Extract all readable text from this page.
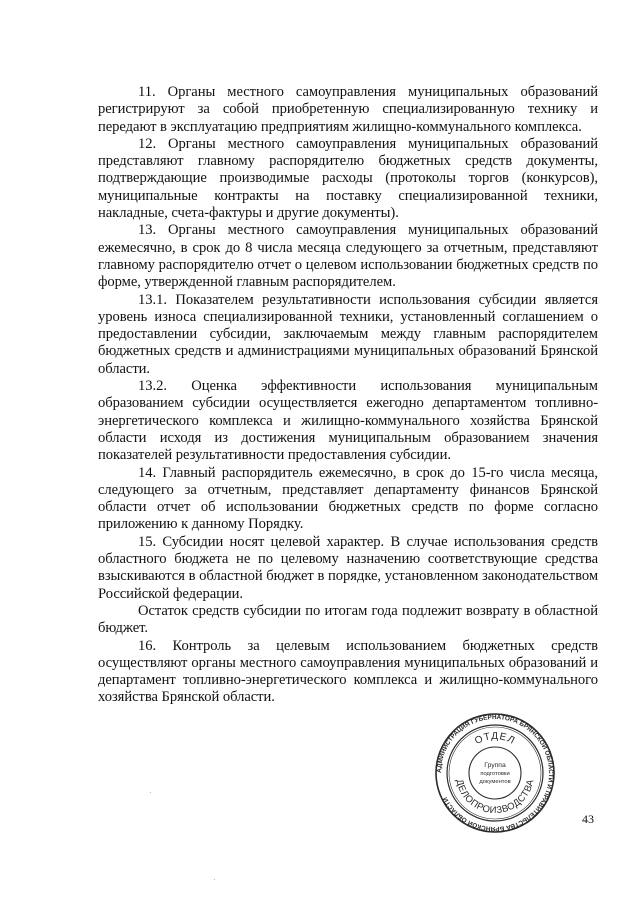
11. Органы местного самоуправления муниципальных образований регистрируют за собой приобретенную специализированную технику и передают в эксплуатацию предприятиям жилищно-коммунального комплекса.

12. Органы местного самоуправления муниципальных образований представляют главному распорядителю бюджетных средств документы, подтверждающие производимые расходы (протоколы торгов (конкурсов), муниципальные контракты на поставку специализированной техники, накладные, счета-фактуры и другие документы).

13. Органы местного самоуправления муниципальных образований ежемесячно, в срок до 8 числа месяца следующего за отчетным, представляют главному распорядителю отчет о целевом использовании бюджетных средств по форме, утвержденной главным распорядителем.

13.1. Показателем результативности использования субсидии является уровень износа специализированной техники, установленный соглашением о предоставлении субсидии, заключаемым между главным распорядителем бюджетных средств и администрациями муниципальных образований Брянской области.

13.2. Оценка эффективности использования муниципальным образованием субсидии осуществляется ежегодно департаментом топливно-энергетического комплекса и жилищно-коммунального хозяйства Брянской области исходя из достижения муниципальным образованием значения показателей результативности предоставления субсидии.

14. Главный распорядитель ежемесячно, в срок до 15-го числа месяца, следующего за отчетным, представляет департаменту финансов Брянской области отчет об использовании бюджетных средств по форме согласно приложению к данному Порядку.

15. Субсидии носят целевой характер. В случае использования средств областного бюджета не по целевому назначению соответствующие средства взыскиваются в областной бюджет в порядке, установленном законодательством Российской федерации.

Остаток средств субсидии по итогам года подлежит возврату в областной бюджет.

16. Контроль за целевым использованием бюджетных средств осуществляют органы местного самоуправления муниципальных образований и департамент топливно-энергетического комплекса и жилищно-коммунального хозяйства Брянской области.

АДМИНИСТРАЦИЯ ГУБЕРНАТОРА БРЯНСКОЙ ОБЛАСТИ И ПРАВИТЕЛЬСТВА БРЯНСКОЙ ОБЛАСТИ
ОТДЕЛ
ДЕЛОПРОИЗВОДСТВА
Группа
подготовки
документов
43
